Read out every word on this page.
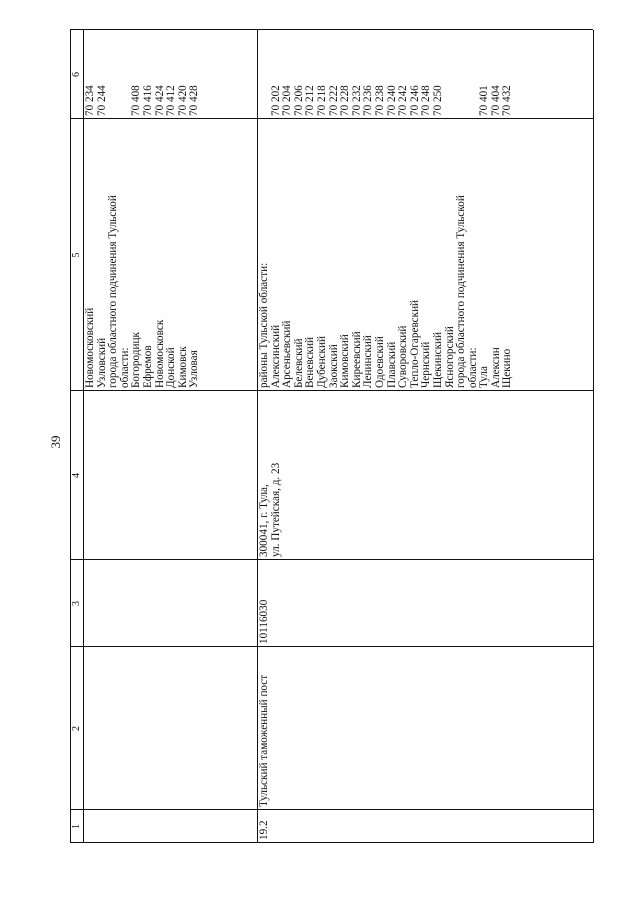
39
1
2
3
4
5
6
Новомосковский Узловский города областного подчинения Тульской области: Богородицк Ефремов Новомосковск Донской Кимовск Узловая
70 234 70 244 70 408 70 416 70 424 70 412 70 420 70 428
19.2
Тульский таможенный пост
10116030
300041, г. Тула, ул. Путейская, д. 23
районы Тульской области: Алексинский Арсеньевский Белевский Веневский Дубенский Заокский Кимовский Киреевский Ленинский Одоевский Плавский Суворовский Тепло-Огаревский Чернский Щекинский Ясногорский города областного подчинения Тульской области: Тула Алексин Щекино
70 202 70 204 70 206 70 212 70 218 70 222 70 228 70 232 70 236 70 238 70 240 70 242 70 246 70 248 70 250	70 401 70 404 70 432
